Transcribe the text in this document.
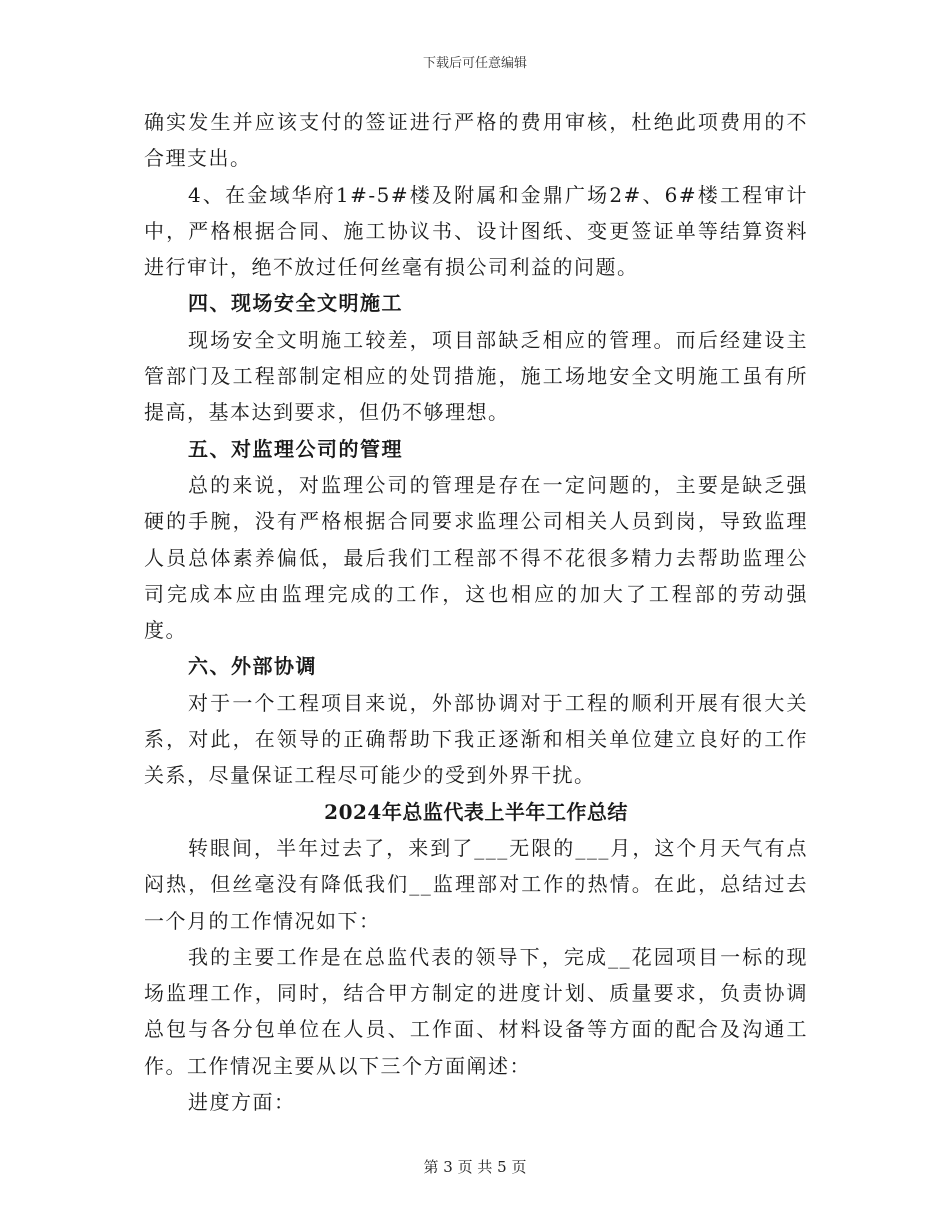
下载后可任意编辑

确实发生并应该支付的签证进行严格的费用审核，杜绝此项费用的不合理支出。

4、在金域华府1#-5#楼及附属和金鼎广场2#、6#楼工程审计中，严格根据合同、施工协议书、设计图纸、变更签证单等结算资料进行审计，绝不放过任何丝毫有损公司利益的问题。

四、现场安全文明施工

现场安全文明施工较差，项目部缺乏相应的管理。而后经建设主管部门及工程部制定相应的处罚措施，施工场地安全文明施工虽有所提高，基本达到要求，但仍不够理想。

五、对监理公司的管理

总的来说，对监理公司的管理是存在一定问题的，主要是缺乏强硬的手腕，没有严格根据合同要求监理公司相关人员到岗，导致监理人员总体素养偏低，最后我们工程部不得不花很多精力去帮助监理公司完成本应由监理完成的工作，这也相应的加大了工程部的劳动强度。

六、外部协调

对于一个工程项目来说，外部协调对于工程的顺利开展有很大关系，对此，在领导的正确帮助下我正逐渐和相关单位建立良好的工作关系，尽量保证工程尽可能少的受到外界干扰。

2024年总监代表上半年工作总结

转眼间，半年过去了，来到了___无限的___月，这个月天气有点闷热，但丝毫没有降低我们__监理部对工作的热情。在此，总结过去一个月的工作情况如下：

我的主要工作是在总监代表的领导下，完成__花园项目一标的现场监理工作，同时，结合甲方制定的进度计划、质量要求，负责协调总包与各分包单位在人员、工作面、材料设备等方面的配合及沟通工作。工作情况主要从以下三个方面阐述：

进度方面：

第 3 页 共 5 页
